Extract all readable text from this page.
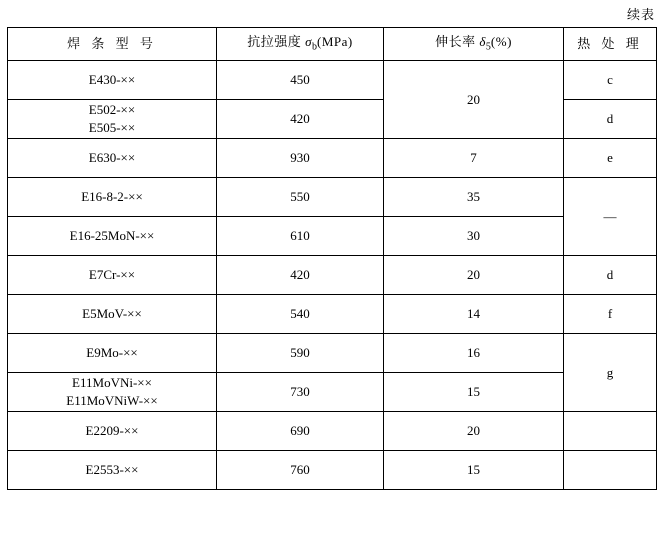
续表
焊 条 型 号	抗拉强度 $\sigma_b(MPa)$	伸长率 $\delta_5(\%)$	热 处 理
E430-××	450	20	c

E502-××
E505-××	420		d
E630-××	930	7	e
E16-8-2-××	550	35	—
E16-25MoN-××	610	30	
E7Cr-××	420	20	d
E5MoV-××	540	14	f
E9Mo-××	590	16	g

E11MoVNi-××
E11MoVNiW-××	730	15	
E2209-××	690	20	
E2553-××	760	15	
